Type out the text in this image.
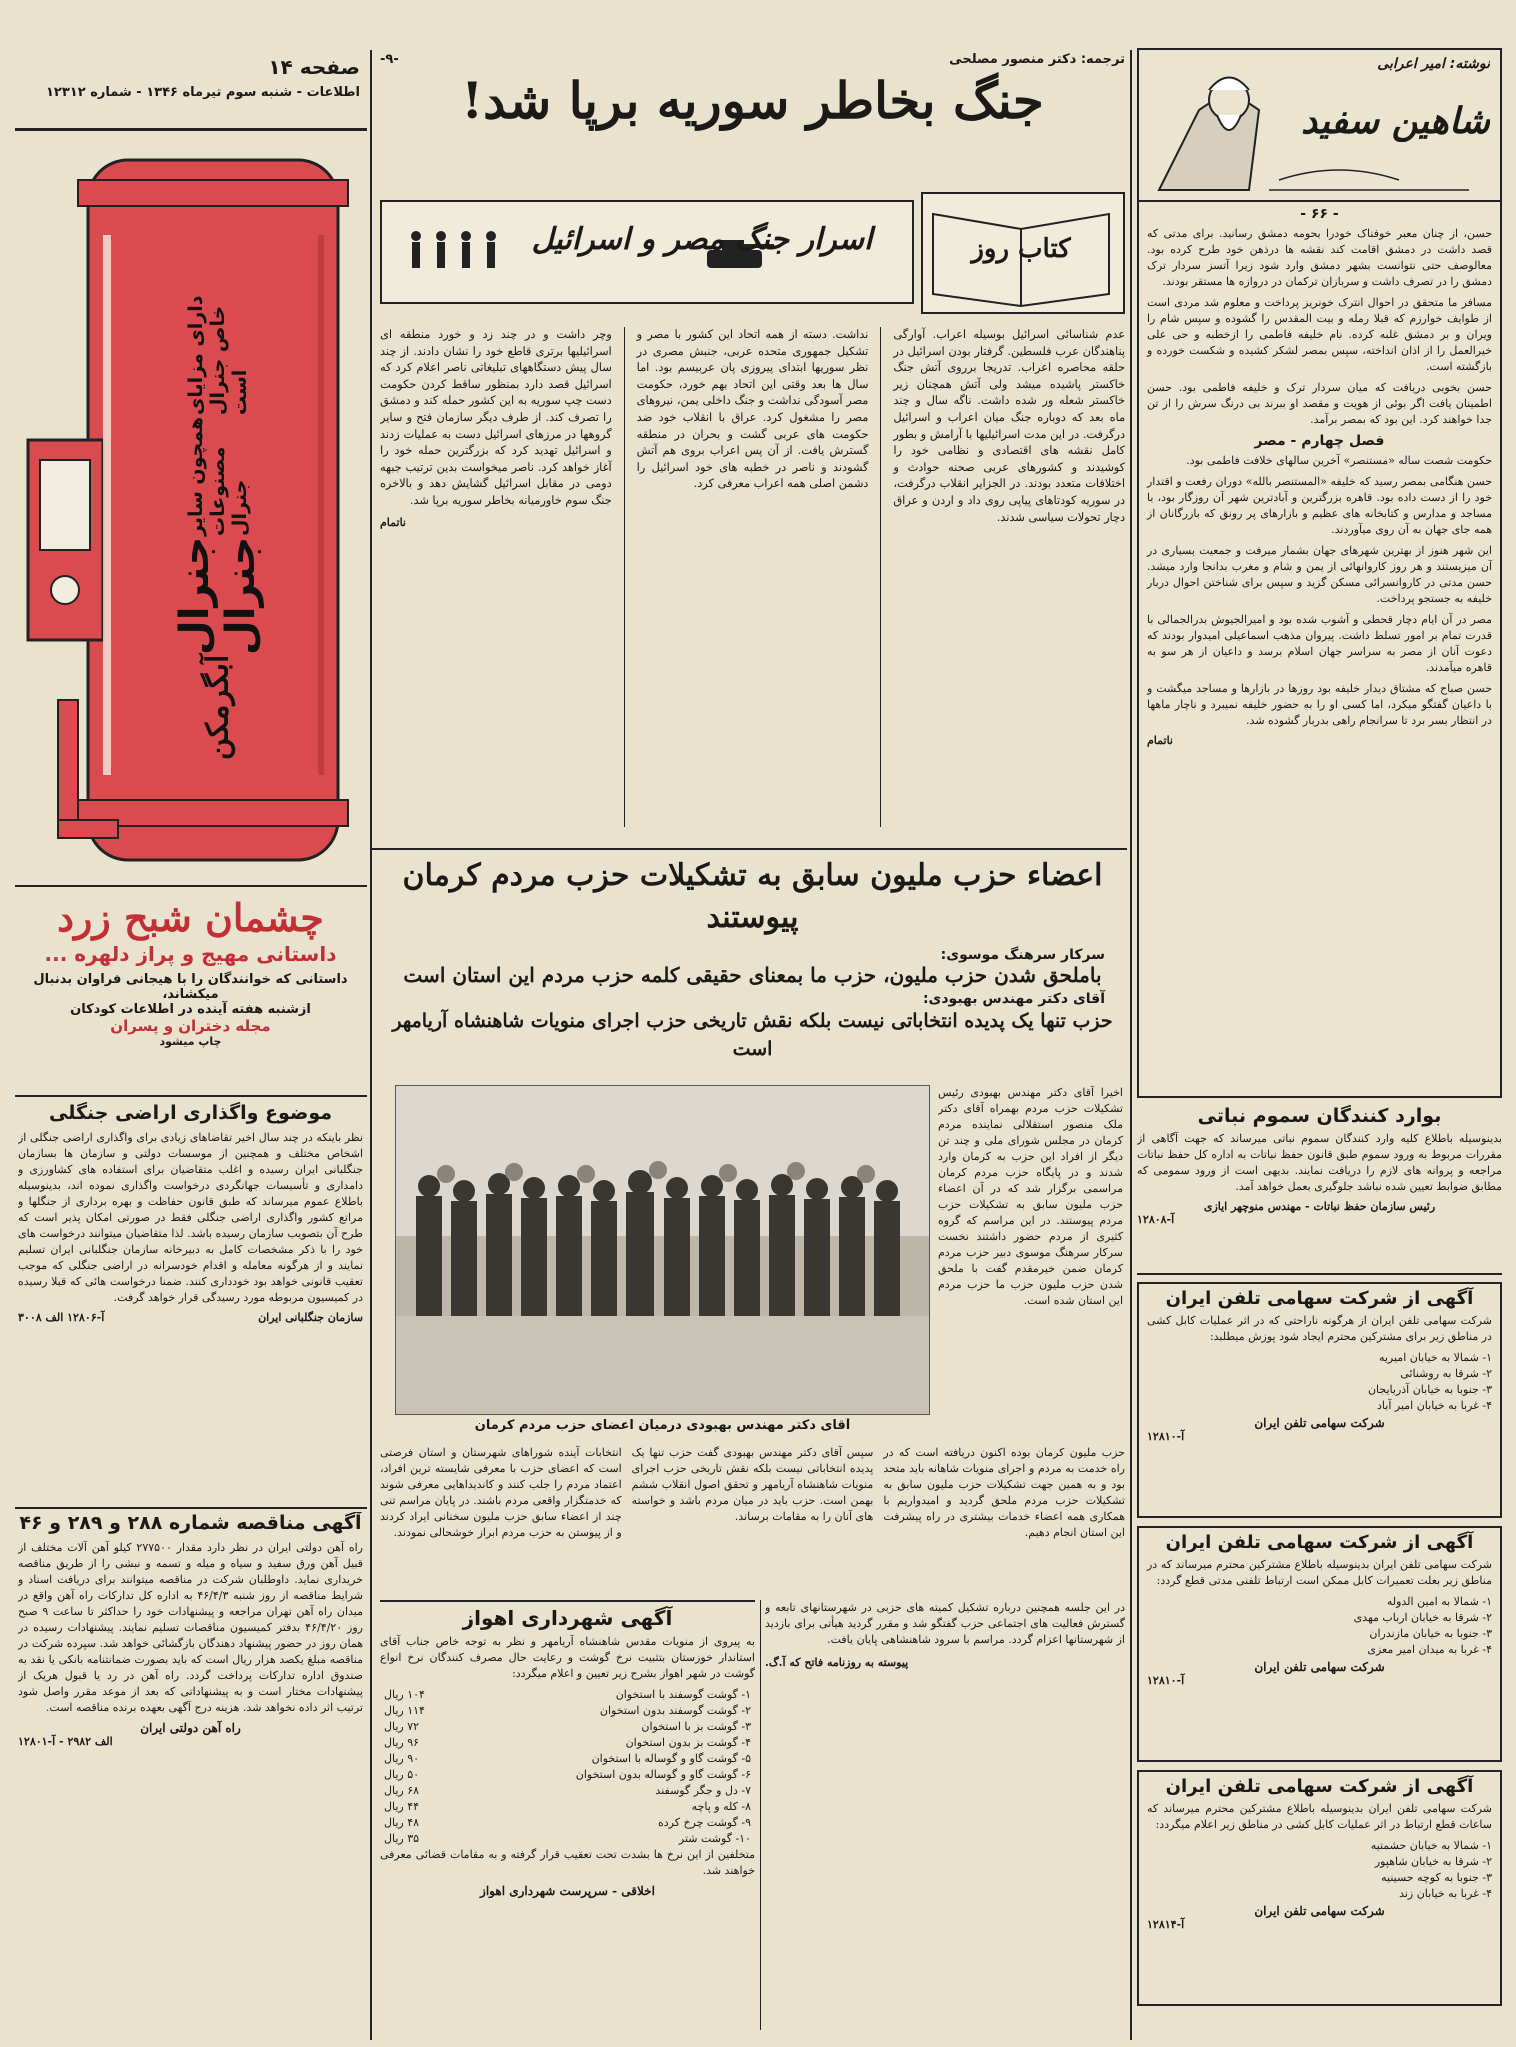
صفحه ۱۴
اطلاعات - شنبه سوم تیرماه ۱۳۴۶ - شماره ۱۲۳۱۲
آبگرمکن
جنرال جنرال
همچون سایر مصنوعات جنرال
دارای مزایای خاص جنرال است
چشمان شبح زرد
داستانی مهیج و پراز دلهره ...
داستانی که خوانندگان را با هیجانی فراوان بدنبال میکشاند،
ازشنبه هفته آینده در اطلاعات کودکان
مجله دختران و پسران
چاپ میشود
موضوع واگذاری اراضی جنگلی
نظر باینکه در چند سال اخیر تقاضاهای زیادی برای واگذاری اراضی جنگلی از اشخاص مختلف و همچنین از موسسات دولتی و سازمان ها بسازمان جنگلبانی ایران رسیده و اغلب متقاضیان برای استفاده های کشاورزی و دامداری و تأسیسات جهانگردی درخواست واگذاری نموده اند، بدینوسیله باطلاع عموم میرساند که طبق قانون حفاظت و بهره برداری از جنگلها و مراتع کشور واگذاری اراضی جنگلی فقط در صورتی امکان پذیر است که طرح آن بتصویب سازمان رسیده باشد. لذا متقاضیان میتوانند درخواست های خود را با ذکر مشخصات کامل به دبیرخانه سازمان جنگلبانی ایران تسلیم نمایند و از هرگونه معامله و اقدام خودسرانه در اراضی جنگلی که موجب تعقیب قانونی خواهد بود خودداری کنند. ضمنا درخواست هائی که قبلا رسیده در کمیسیون مربوطه مورد رسیدگی قرار خواهد گرفت.
سازمان جنگلبانی ایران
آ-۱۲۸۰۶ الف ۳۰۰۸
آگهی مناقصه شماره ۲۸۸ و ۲۸۹ و ۴۶
راه آهن دولتی ایران در نظر دارد مقدار ۲۷۷۵۰۰ کیلو آهن آلات مختلف از قبیل آهن ورق سفید و سیاه و میله و تسمه و نبشی را از طریق مناقصه خریداری نماید. داوطلبان شرکت در مناقصه میتوانند برای دریافت اسناد و شرایط مناقصه از روز شنبه ۴۶/۴/۳ به اداره کل تدارکات راه آهن واقع در میدان راه آهن تهران مراجعه و پیشنهادات خود را حداکثر تا ساعت ۹ صبح روز ۴۶/۴/۲۰ بدفتر کمیسیون مناقصات تسلیم نمایند. پیشنهادات رسیده در همان روز در حضور پیشنهاد دهندگان بازگشائی خواهد شد. سپرده شرکت در مناقصه مبلغ یکصد هزار ریال است که باید بصورت ضمانتنامه بانکی یا نقد به صندوق اداره تدارکات پرداخت گردد. راه آهن در رد یا قبول هریک از پیشنهادات مختار است و به پیشنهاداتی که بعد از موعد مقرر واصل شود ترتیب اثر داده نخواهد شد. هزینه درج آگهی بعهده برنده مناقصه است.
راه آهن دولتی ایران
الف ۲۹۸۲ - آ-۱۲۸۰۱
ترجمه: دکتر منصور مصلحی
-۹-
جنگ بخاطر سوریه برپا شد!
کتاب روز
اسرار جنگ مصر و اسرائیل

عدم شناسائی اسرائیل بوسیله اعراب. آوارگی پناهندگان عرب فلسطین. گرفتار بودن اسرائیل در حلقه محاصره اعراب. تدریجا برروی آتش جنگ خاکستر پاشیده میشد ولی آتش همچنان زیر خاکستر شعله ور شده داشت. ناگه سال و چند ماه بعد که دوباره جنگ میان اعراب و اسرائیل درگرفت. در این مدت اسرائیلیها با آرامش و بطور کامل نقشه های اقتصادی و نظامی خود را کوشیدند و کشورهای عربی صحنه حوادث و اختلافات متعدد بودند. در الجزایر انقلاب درگرفت، در سوریه کودتاهای پیاپی روی داد و اردن و عراق دچار تحولات سیاسی شدند.

نداشت. دسته از همه اتحاد این کشور با مصر و تشکیل جمهوری متحده عربی، جنبش مصری در نظر سوریها ابتدای پیروزی پان عربیسم بود. اما سال ها بعد وقتی این اتحاد بهم خورد، حکومت مصر آسودگی نداشت و جنگ داخلی یمن، نیروهای مصر را مشغول کرد. عراق با انقلاب خود ضد حکومت های عربی گشت و بحران در منطقه گسترش یافت. از آن پس اعراب بروی هم آتش گشودند و ناصر در خطبه های خود اسرائیل را دشمن اصلی همه اعراب معرفی کرد.

وچر داشت و در چند زد و خورد منطقه ای اسرائیلیها برتری قاطع خود را نشان دادند. از چند سال پیش دستگاههای تبلیغاتی ناصر اعلام کرد که اسرائیل قصد دارد بمنظور ساقط کردن حکومت دست چپ سوریه به این کشور حمله کند و دمشق را تصرف کند. از طرف دیگر سازمان فتح و سایر گروهها در مرزهای اسرائیل دست به عملیات زدند و اسرائیل تهدید کرد که بزرگترین حمله خود را آغاز خواهد کرد. ناصر میخواست بدین ترتیب جبهه دومی در مقابل اسرائیل گشایش دهد و بالاخره جنگ سوم خاورمیانه بخاطر سوریه برپا شد.

ناتمام
اعضاء حزب ملیون سابق به تشکیلات حزب مردم کرمان پیوستند
سرکار سرهنگ موسوی:
باملحق شدن حزب ملیون، حزب ما بمعنای حقیقی کلمه حزب مردم این استان است
آقای دکتر مهندس بهبودی:
حزب تنها یک پدیده انتخاباتی نیست بلکه نقش تاریخی حزب اجرای منویات شاهنشاه آریامهر است
آقای دکتر مهندس بهبودی درمیان اعضای حزب مردم کرمان

اخیرا آقای دکتر مهندس بهبودی رئیس تشکیلات حزب مردم بهمراه آقای دکتر ملک منصور استقلالی نماینده مردم کرمان در مجلس شورای ملی و چند تن دیگر از افراد این حزب به کرمان وارد شدند و در پایگاه حزب مردم کرمان مراسمی برگزار شد که در آن اعضاء حزب ملیون سابق به تشکیلات حزب مردم پیوستند. در این مراسم که گروه کثیری از مردم حضور داشتند نخست سرکار سرهنگ موسوی دبیر حزب مردم کرمان ضمن خیرمقدم گفت با ملحق شدن حزب ملیون حزب ما حزب مردم این استان شده است.

حزب ملیون کرمان بوده اکنون دریافته است که در راه خدمت به مردم و اجرای منویات شاهانه باید متحد بود و به همین جهت تشکیلات حزب ملیون سابق به تشکیلات حزب مردم ملحق گردید و امیدواریم با همکاری همه اعضاء خدمات بیشتری در راه پیشرفت این استان انجام دهیم.

سپس آقای دکتر مهندس بهبودی گفت حزب تنها یک پدیده انتخاباتی نیست بلکه نقش تاریخی حزب اجرای منویات شاهنشاه آریامهر و تحقق اصول انقلاب ششم بهمن است. حزب باید در میان مردم باشد و خواسته های آنان را به مقامات برساند.

انتخابات آینده شوراهای شهرستان و استان فرصتی است که اعضای حزب با معرفی شایسته ترین افراد، اعتماد مردم را جلب کنند و کاندیداهایی معرفی شوند که خدمتگزار واقعی مردم باشند. در پایان مراسم تنی چند از اعضاء سابق حزب ملیون سخنانی ایراد کردند و از پیوستن به حزب مردم ابراز خوشحالی نمودند.

آگهی شهرداری اهواز

به پیروی از منویات مقدس شاهنشاه آریامهر و نظر به توجه خاص جناب آقای استاندار خوزستان بتثبیت نرخ گوشت و رعایت حال مصرف کنندگان نرخ انواع گوشت در شهر اهواز بشرح زیر تعیین و اعلام میگردد:

۱- گوشت گوسفند با استخوان	۱۰۴ ریال
۲- گوشت گوسفند بدون استخوان	۱۱۴ ریال
۳- گوشت بز با استخوان	۷۲ ریال
۴- گوشت بز بدون استخوان	۹۶ ریال
۵- گوشت گاو و گوساله با استخوان	۹۰ ریال
۶- گوشت گاو و گوساله بدون استخوان	۵۰ ریال
۷- دل و جگر گوسفند	۶۸ ریال
۸- کله و پاچه	۴۴ ریال
۹- گوشت چرخ کرده	۴۸ ریال
۱۰- گوشت شتر	۳۵ ریال

متخلفین از این نرخ ها بشدت تحت تعقیب قرار گرفته و به مقامات قضائی معرفی خواهند شد.

اخلاقی - سرپرست شهرداری اهواز

در این جلسه همچنین درباره تشکیل کمیته های حزبی در شهرستانهای تابعه و گسترش فعالیت های اجتماعی حزب گفتگو شد و مقرر گردید هیأتی برای بازدید از شهرستانها اعزام گردد. مراسم با سرود شاهنشاهی پایان یافت.

پیوسته به روزنامه فاتح که آ.گ.
نوشته: امیر اعرابی
شاهین سفید
- ۶۶ -

حسن، از چنان معبر خوفناک خودرا بحومه دمشق رسانید. برای مدتی که قصد داشت در دمشق اقامت کند نقشه ها درذهن خود طرح کرده بود. معالوصف حتی نتوانست بشهر دمشق وارد شود زیرا آتسز سردار ترک دمشق را در تصرف داشت و سربازان ترکمان در دروازه ها مستقر بودند.

مسافر ما متحقق در احوال انترک خونریز پرداخت و معلوم شد مردی است از طوایف خوارزم که قبلا رمله و بیت المقدس را گشوده و سپس شام را ویران و بر دمشق غلبه کرده. نام خلیفه فاطمی را ازخطبه و حی علی خیرالعمل را از اذان انداخته، سپس بمصر لشکر کشیده و شکست خورده و بازگشته است.

حسن بخوبی دریافت که میان سردار ترک و خلیفه فاطمی بود. حسن اطمینان یافت اگر بوئی از هویت و مقصد او ببرند بی درنگ سرش را از تن جدا خواهند کرد. این بود که بمصر برآمد.

فصل چهارم - مصر

حکومت شصت ساله «مستنصر» آخرین سالهای خلافت فاطمی بود.

حسن هنگامی بمصر رسید که خلیفه «المستنصر بالله» دوران رفعت و اقتدار خود را از دست داده بود. قاهره بزرگترین و آبادترین شهر آن روزگار بود، با مساجد و مدارس و کتابخانه های عظیم و بازارهای پر رونق که بازرگانان از همه جای جهان به آن روی میآوردند.

این شهر هنوز از بهترین شهرهای جهان بشمار میرفت و جمعیت بسیاری در آن میزیستند و هر روز کاروانهائی از یمن و شام و مغرب بدانجا وارد میشد. حسن مدتی در کاروانسرائی مسکن گزید و سپس برای شناختن احوال دربار خلیفه به جستجو پرداخت.

مصر در آن ایام دچار قحطی و آشوب شده بود و امیرالجیوش بدرالجمالی با قدرت تمام بر امور تسلط داشت. پیروان مذهب اسماعیلی امیدوار بودند که دعوت آنان از مصر به سراسر جهان اسلام برسد و داعیان از هر سو به قاهره میآمدند.

حسن صباح که مشتاق دیدار خلیفه بود روزها در بازارها و مساجد میگشت و با داعیان گفتگو میکرد، اما کسی او را به حضور خلیفه نمیبرد و ناچار ماهها در انتظار بسر برد تا سرانجام راهی بدربار گشوده شد.

ناتمام
بوارد کنندگان سموم نباتی

بدینوسیله باطلاع کلیه وارد کنندگان سموم نباتی میرساند که جهت آگاهی از مقررات مربوط به ورود سموم طبق قانون حفظ نباتات به اداره کل حفظ نباتات مراجعه و پروانه های لازم را دریافت نمایند. بدیهی است از ورود سمومی که مطابق ضوابط تعیین شده نباشد جلوگیری بعمل خواهد آمد.

رئیس سازمان حفظ نباتات - مهندس منوچهر ایازی
آ-۱۲۸۰۸
آگهی از شرکت سهامی تلفن ایران

شرکت سهامی تلفن ایران از هرگونه ناراحتی که در اثر عملیات کابل کشی در مناطق زیر برای مشترکین محترم ایجاد شود پوزش میطلبد:

۱- شمالا به خیابان امیریه
۲- شرقا به روشنائی
۳- جنوبا به خیابان آذربایجان
۴- غربا به خیابان امیر آباد
شرکت سهامی تلفن ایران
آ-۱۲۸۱۰
آگهی از شرکت سهامی تلفن ایران

شرکت سهامی تلفن ایران بدینوسیله باطلاع مشترکین محترم میرساند که در مناطق زیر بعلت تعمیرات کابل ممکن است ارتباط تلفنی مدتی قطع گردد:

۱- شمالا به امین الدوله
۲- شرقا به خیابان ارباب مهدی
۳- جنوبا به خیابان مازندران
۴- غربا به میدان امیر معزی
شرکت سهامی تلفن ایران
آ-۱۲۸۱۰
آگهی از شرکت سهامی تلفن ایران

شرکت سهامی تلفن ایران بدینوسیله باطلاع مشترکین محترم میرساند که ساعات قطع ارتباط در اثر عملیات کابل کشی در مناطق زیر اعلام میگردد:

۱- شمالا به خیابان حشمتیه
۲- شرقا به خیابان شاهپور
۳- جنوبا به کوچه حسینیه
۴- غربا به خیابان زند
شرکت سهامی تلفن ایران
آ-۱۲۸۱۴
